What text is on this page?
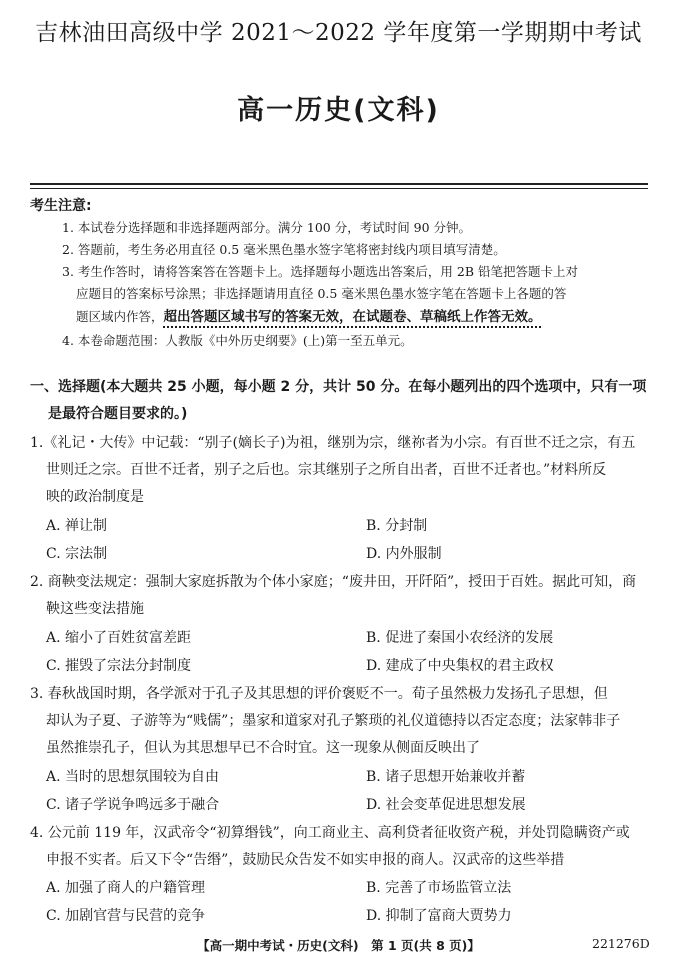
吉林油田高级中学 2021～2022 学年度第一学期期中考试
高一历史(文科)
考生注意:
1. 本试卷分选择题和非选择题两部分。满分 100 分，考试时间 90 分钟。
2. 答题前，考生务必用直径 0.5 毫米黑色墨水签字笔将密封线内项目填写清楚。
3. 考生作答时，请将答案答在答题卡上。选择题每小题选出答案后，用 2B 铅笔把答题卡上对
应题目的答案标号涂黑；非选择题请用直径 0.5 毫米黑色墨水签字笔在答题卡上各题的答
题区域内作答，超出答题区域书写的答案无效，在试题卷、草稿纸上作答无效。
4. 本卷命题范围：人教版《中外历史纲要》(上)第一至五单元。
一、选择题(本大题共 25 小题，每小题 2 分，共计 50 分。在每小题列出的四个选项中，只有一项
是最符合题目要求的。)
1.《礼记・大传》中记载：“别子(嫡长子)为祖，继别为宗，继祢者为小宗。有百世不迁之宗，有五
世则迁之宗。百世不迁者，别子之后也。宗其继别子之所自出者，百世不迁者也。”材料所反
映的政治制度是
A. 禅让制	B. 分封制
C. 宗法制	D. 内外服制
2. 商鞅变法规定：强制大家庭拆散为个体小家庭；“废井田，开阡陌”，授田于百姓。据此可知，商
鞅这些变法措施
A. 缩小了百姓贫富差距	B. 促进了秦国小农经济的发展
C. 摧毁了宗法分封制度	D. 建成了中央集权的君主政权
3. 春秋战国时期，各学派对于孔子及其思想的评价褒贬不一。荀子虽然极力发扬孔子思想，但
却认为子夏、子游等为“贱儒”；墨家和道家对孔子繁琐的礼仪道德持以否定态度；法家韩非子
虽然推崇孔子，但认为其思想早已不合时宜。这一现象从侧面反映出了
A. 当时的思想氛围较为自由	B. 诸子思想开始兼收并蓄
C. 诸子学说争鸣远多于融合	D. 社会变革促进思想发展
4. 公元前 119 年，汉武帝令“初算缗钱”，向工商业主、高利贷者征收资产税，并处罚隐瞒资产或
申报不实者。后又下令“告缗”，鼓励民众告发不如实申报的商人。汉武帝的这些举措
A. 加强了商人的户籍管理	B. 完善了市场监管立法
C. 加剧官营与民营的竞争	D. 抑制了富商大贾势力
【高一期中考试・历史(文科)　第 1 页(共 8 页)】	221276D
